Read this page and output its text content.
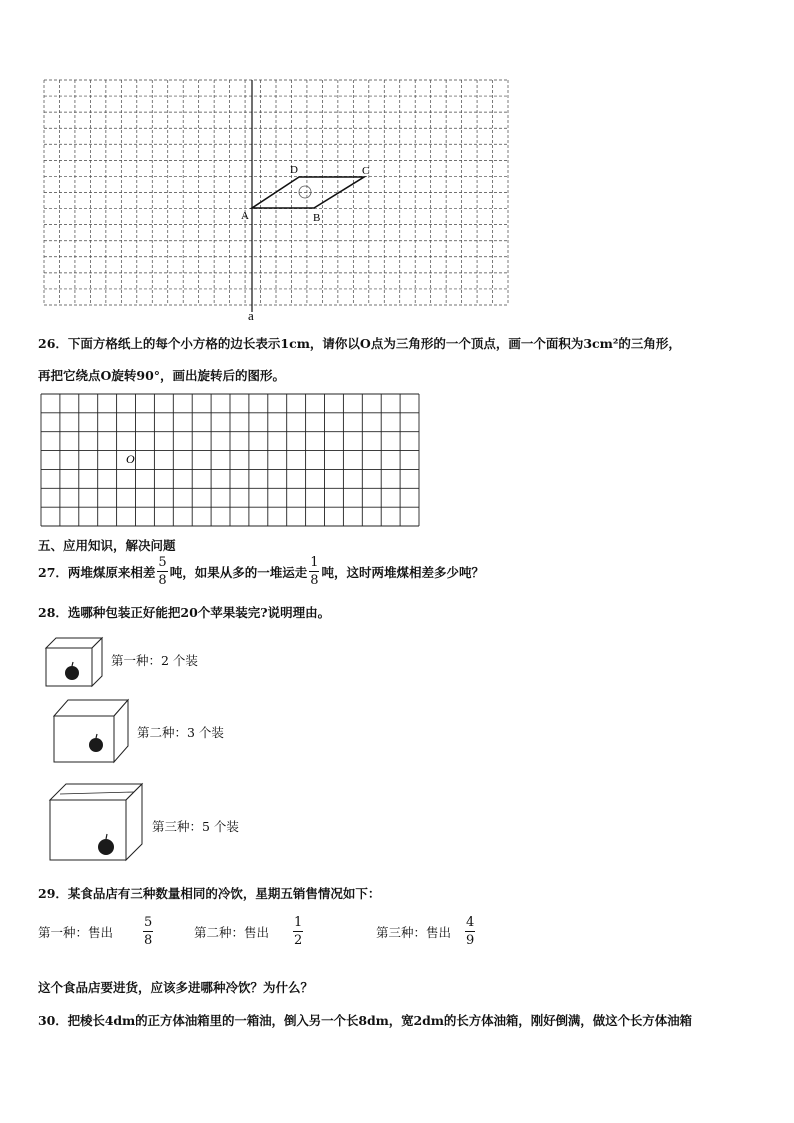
A	B
C
D
a
26．下面方格纸上的每个小方格的边长表示1cm，请你以O点为三角形的一个顶点，画一个面积为3cm²的三角形，
再把它绕点O旋转90°，画出旋转后的图形。
O
五、应用知识，解决问题
27．两堆煤原来相差 $\frac{5}{8}$ 吨，如果从多的一堆运走 $\frac{1}{8}$ 吨，这时两堆煤相差多少吨？
28．选哪种包装正好能把20个苹果装完?说明理由。
第一种：2 个装
第二种：3 个装
第三种：5 个装
29．某食品店有三种数量相同的冷饮，星期五销售情况如下：
第一种：售出 $\frac{5}{8}$	第二种：售出 $\frac{1}{2}$	第三种：售出 $\frac{4}{9}$
这个食品店要进货，应该多进哪种冷饮？为什么？
30．把棱长4dm的正方体油箱里的一箱油，倒入另一个长8dm，宽2dm的长方体油箱，刚好倒满，做这个长方体油箱
